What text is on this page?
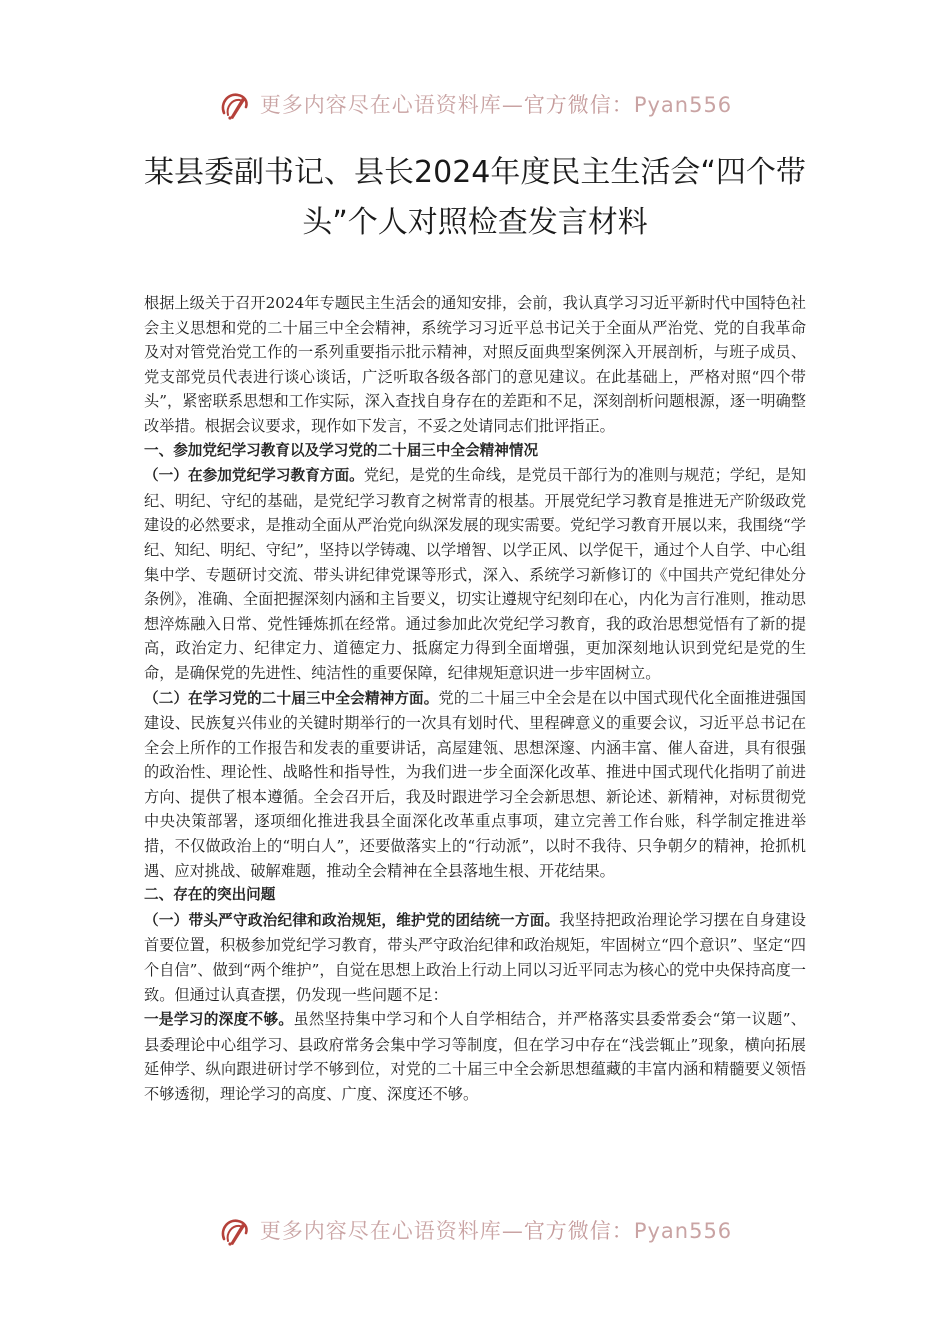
更多内容尽在心语资料库—官方微信：Pyan556
某县委副书记、县长2024年度民主生活会“四个带头”个人对照检查发言材料

根据上级关于召开2024年专题民主生活会的通知安排，会前，我认真学习习近平新时代中国特色社会主义思想和党的二十届三中全会精神，系统学习习近平总书记关于全面从严治党、党的自我革命及对对管党治党工作的一系列重要指示批示精神，对照反面典型案例深入开展剖析，与班子成员、党支部党员代表进行谈心谈话，广泛听取各级各部门的意见建议。在此基础上，严格对照“四个带头”，紧密联系思想和工作实际，深入查找自身存在的差距和不足，深刻剖析问题根源，逐一明确整改举措。根据会议要求，现作如下发言，不妥之处请同志们批评指正。

一、参加党纪学习教育以及学习党的二十届三中全会精神情况

（一）在参加党纪学习教育方面。党纪，是党的生命线，是党员干部行为的准则与规范；学纪，是知纪、明纪、守纪的基础，是党纪学习教育之树常青的根基。开展党纪学习教育是推进无产阶级政党建设的必然要求，是推动全面从严治党向纵深发展的现实需要。党纪学习教育开展以来，我围绕“学纪、知纪、明纪、守纪”，坚持以学铸魂、以学增智、以学正风、以学促干，通过个人自学、中心组集中学、专题研讨交流、带头讲纪律党课等形式，深入、系统学习新修订的《中国共产党纪律处分条例》，准确、全面把握深刻内涵和主旨要义，切实让遵规守纪刻印在心，内化为言行准则，推动思想淬炼融入日常、党性锤炼抓在经常。通过参加此次党纪学习教育，我的政治思想觉悟有了新的提高，政治定力、纪律定力、道德定力、抵腐定力得到全面增强，更加深刻地认识到党纪是党的生命，是确保党的先进性、纯洁性的重要保障，纪律规矩意识进一步牢固树立。

（二）在学习党的二十届三中全会精神方面。党的二十届三中全会是在以中国式现代化全面推进强国建设、民族复兴伟业的关键时期举行的一次具有划时代、里程碑意义的重要会议，习近平总书记在全会上所作的工作报告和发表的重要讲话，高屋建瓴、思想深邃、内涵丰富、催人奋进，具有很强的政治性、理论性、战略性和指导性，为我们进一步全面深化改革、推进中国式现代化指明了前进方向、提供了根本遵循。全会召开后，我及时跟进学习全会新思想、新论述、新精神，对标贯彻党中央决策部署，逐项细化推进我县全面深化改革重点事项，建立完善工作台账，科学制定推进举措，不仅做政治上的“明白人”，还要做落实上的“行动派”，以时不我待、只争朝夕的精神，抢抓机遇、应对挑战、破解难题，推动全会精神在全县落地生根、开花结果。

二、存在的突出问题

（一）带头严守政治纪律和政治规矩，维护党的团结统一方面。我坚持把政治理论学习摆在自身建设首要位置，积极参加党纪学习教育，带头严守政治纪律和政治规矩，牢固树立“四个意识”、坚定“四个自信”、做到“两个维护”，自觉在思想上政治上行动上同以习近平同志为核心的党中央保持高度一致。但通过认真查摆，仍发现一些问题不足：

一是学习的深度不够。虽然坚持集中学习和个人自学相结合，并严格落实县委常委会“第一议题”、县委理论中心组学习、县政府常务会集中学习等制度，但在学习中存在“浅尝辄止”现象，横向拓展延伸学、纵向跟进研讨学不够到位，对党的二十届三中全会新思想蕴藏的丰富内涵和精髓要义领悟不够透彻，理论学习的高度、广度、深度还不够。

更多内容尽在心语资料库—官方微信：Pyan556
